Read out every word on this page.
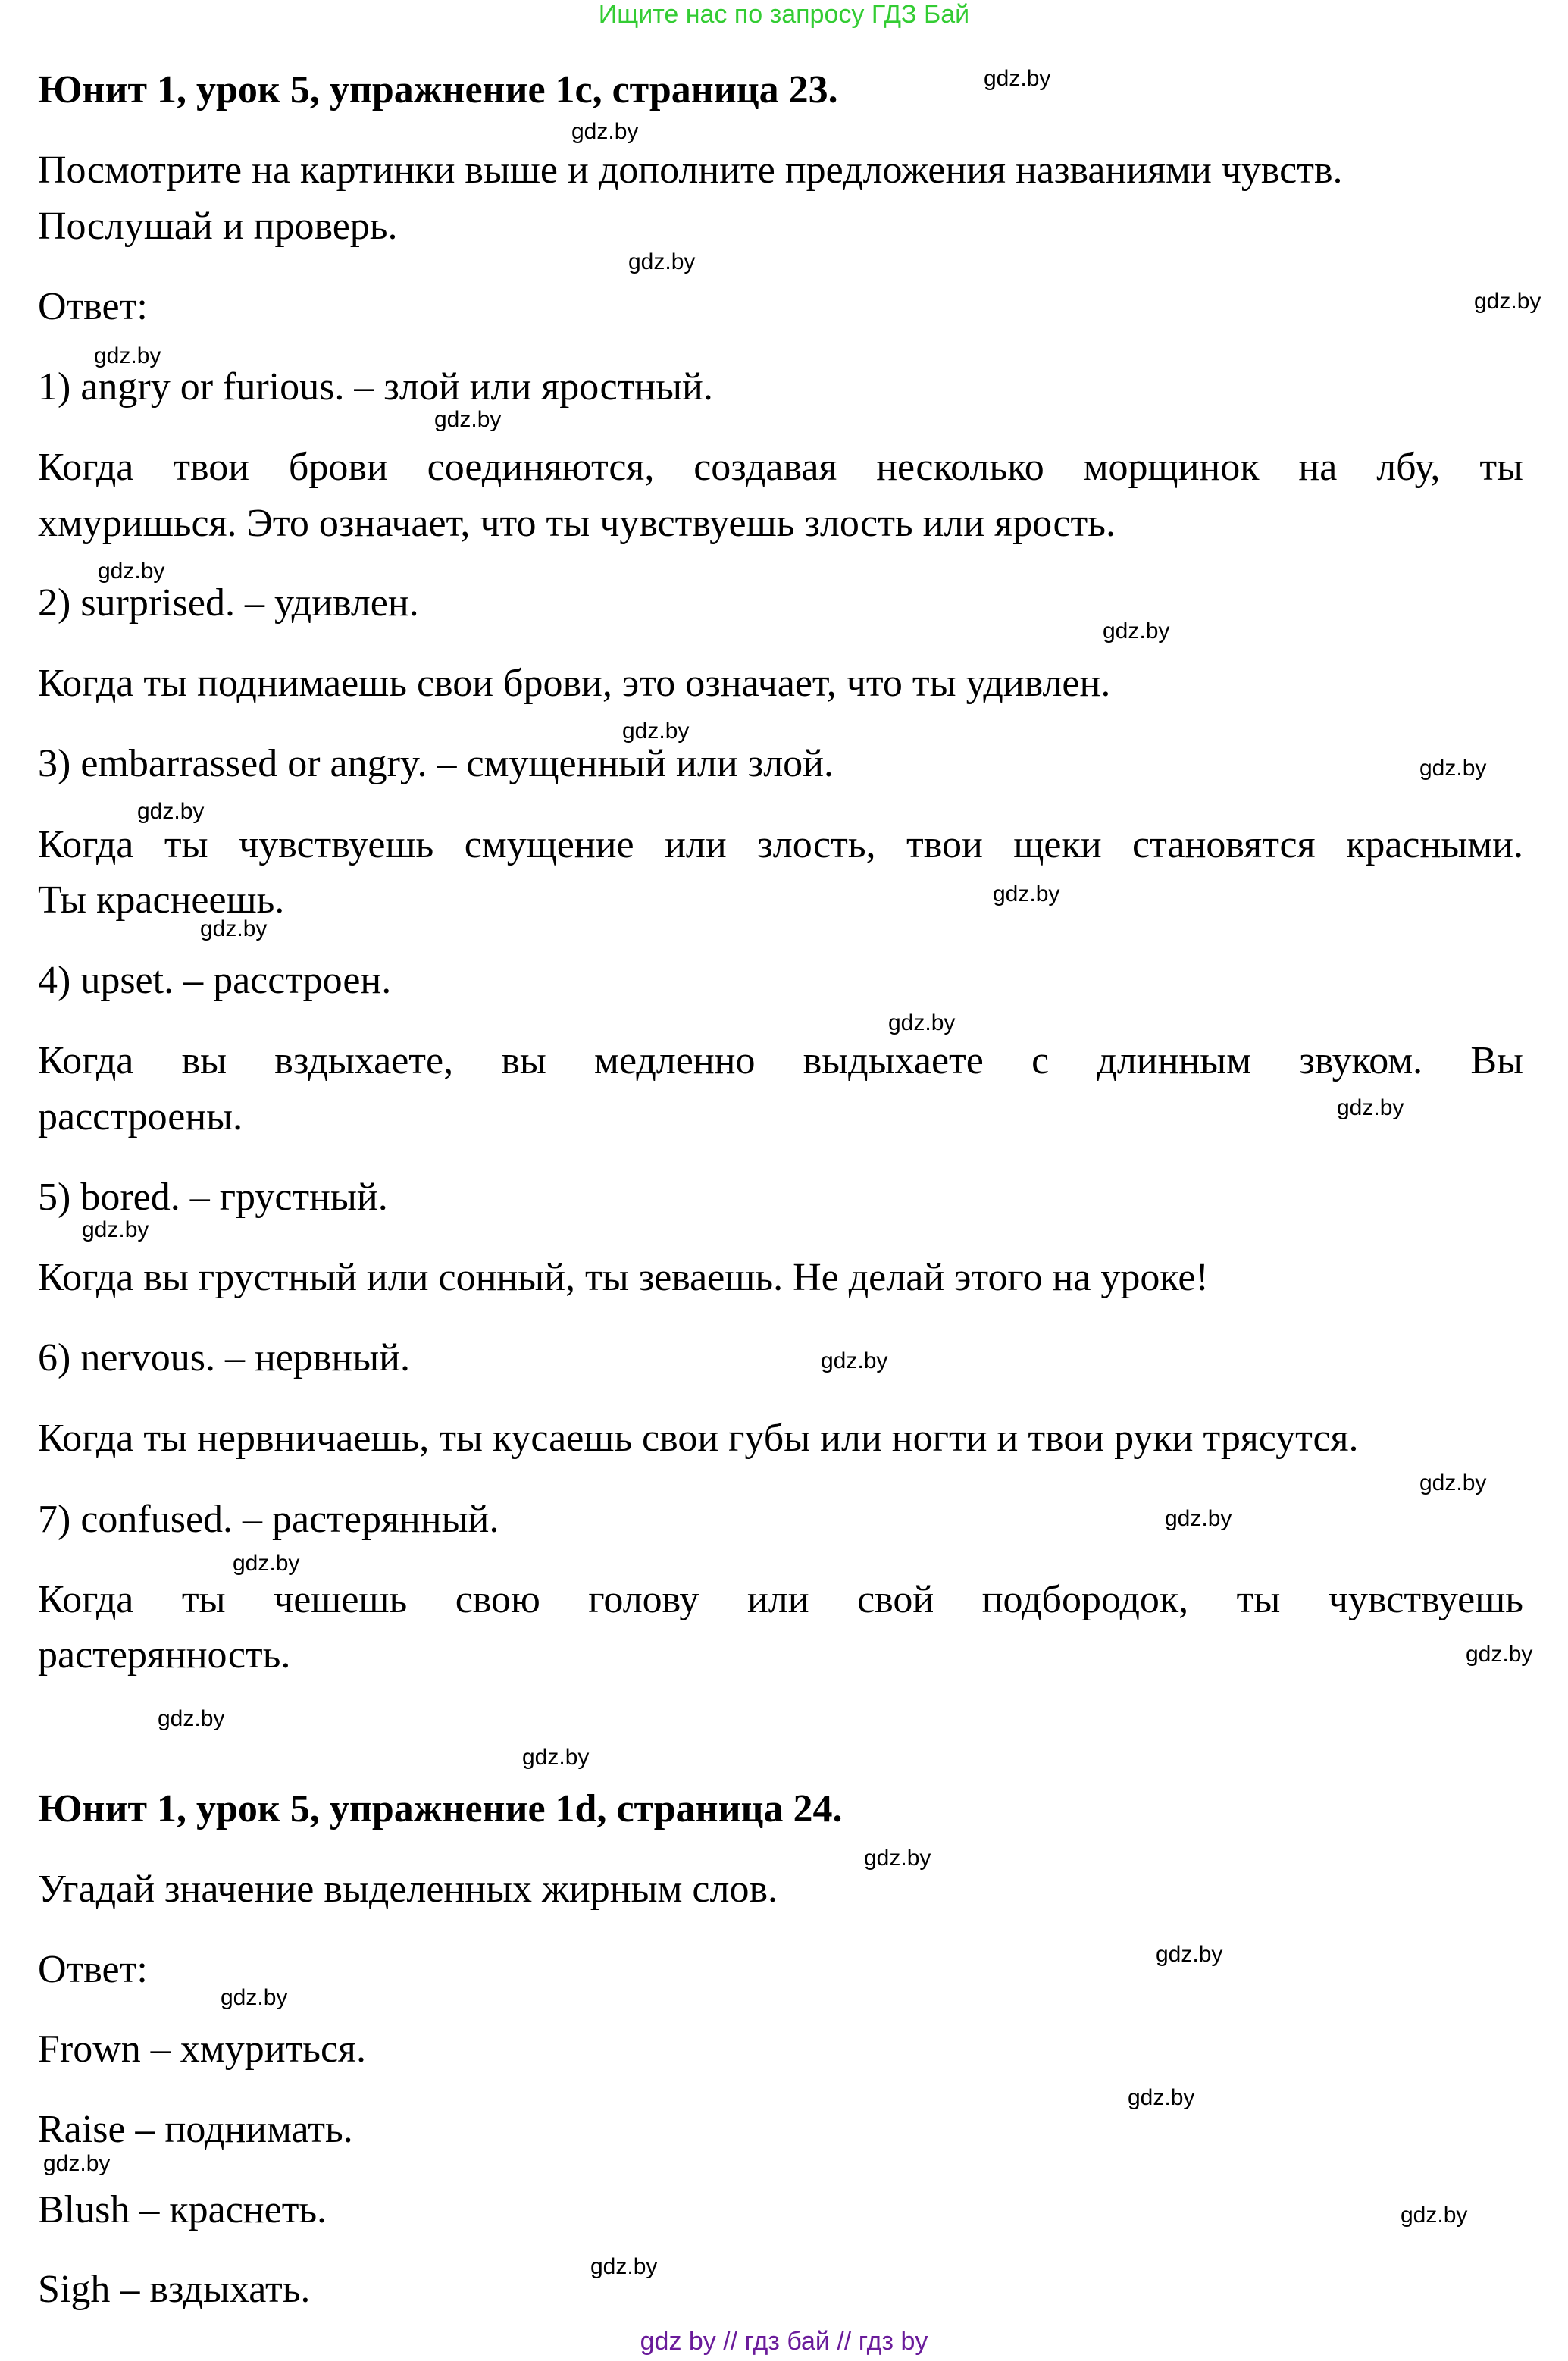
Ищите нас по запросу ГДЗ Бай
Юнит 1, урок 5, упражнение 1c, страница 23.
Посмотрите на картинки выше и дополните предложения названиями чувств.
Послушай и проверь.
Ответ:
1) angry or furious. – злой или яростный.
Когда твои брови соединяются, создавая несколько морщинок на лбу, ты
хмуришься. Это означает, что ты чувствуешь злость или ярость.
2) surprised. – удивлен.
Когда ты поднимаешь свои брови, это означает, что ты удивлен.
3) embarrassed or angry. – смущенный или злой.
Когда ты чувствуешь смущение или злость, твои щеки становятся красными.
Ты краснеешь.
4) upset. – расстроен.
Когда вы вздыхаете, вы медленно выдыхаете с длинным звуком. Вы
расстроены.
5) bored. – грустный.
Когда вы грустный или сонный, ты зеваешь. Не делай этого на уроке!
6) nervous. – нервный.
Когда ты нервничаешь, ты кусаешь свои губы или ногти и твои руки трясутся.
7) confused. – растерянный.
Когда ты чешешь свою голову или свой подбородок, ты чувствуешь
растерянность.
Юнит 1, урок 5, упражнение 1d, страница 24.
Угадай значение выделенных жирным слов.
Ответ:
Frown – хмуриться.
Raise – поднимать.
Blush – краснеть.
Sigh – вздыхать.
gdz.by
gdz.by
gdz.by
gdz.by
gdz.by
gdz.by
gdz.by
gdz.by
gdz.by
gdz.by
gdz.by
gdz.by
gdz.by
gdz.by
gdz.by
gdz.by
gdz.by
gdz.by
gdz.by
gdz.by
gdz.by
gdz.by
gdz.by
gdz.by
gdz.by
gdz.by
gdz.by
gdz.by
gdz.by
gdz.by
gdz by // гдз бай // гдз by
